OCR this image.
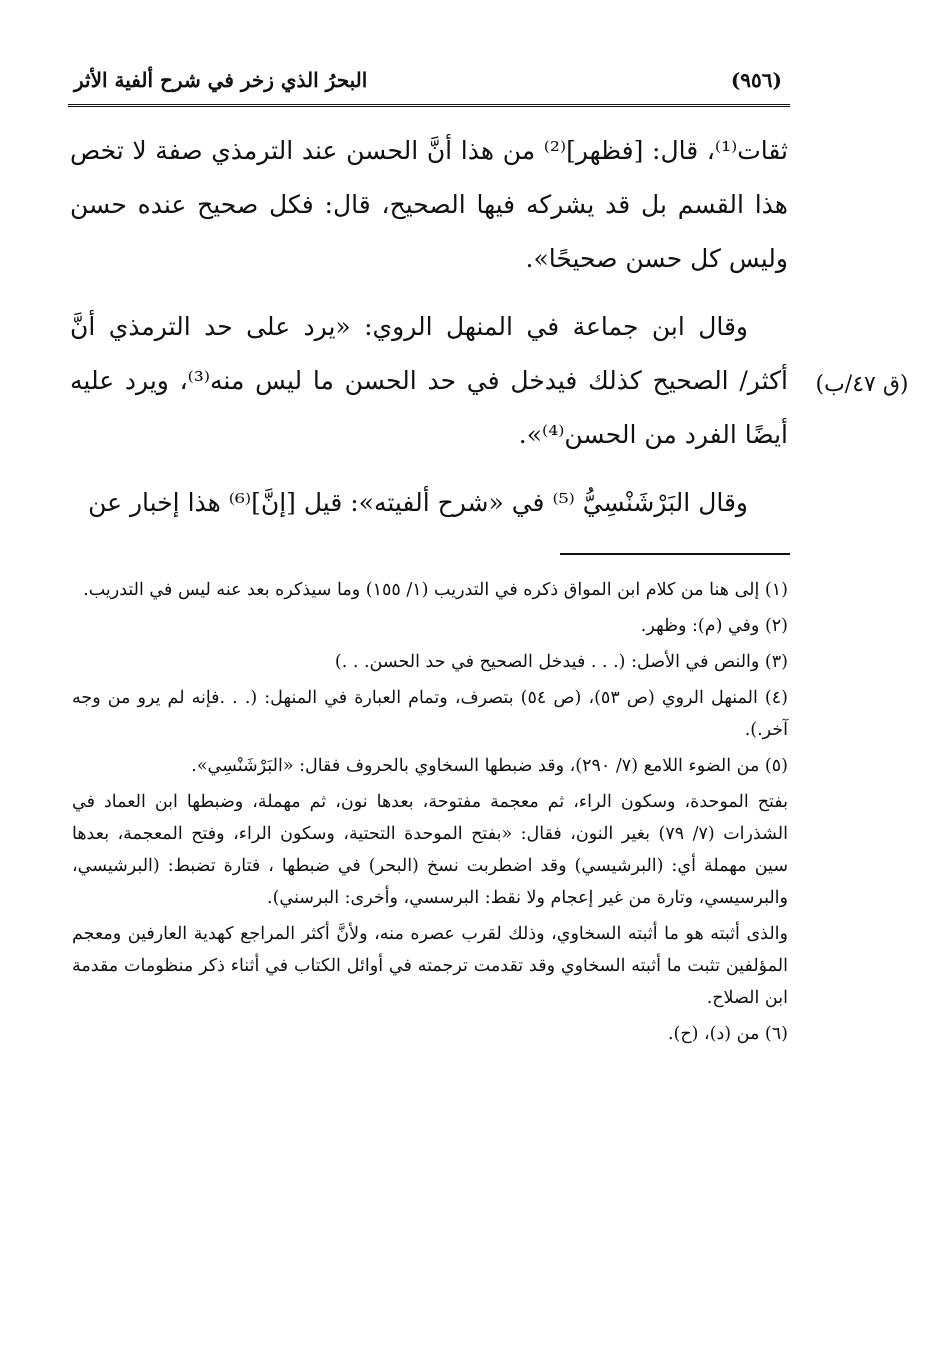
(٩٥٦)
البحرُ الذي زخر في شرح ألفية الأثر

ثقات⁽¹⁾، قال: [فظهر]⁽²⁾ من هذا أنَّ الحسن عند الترمذي صفة لا تخص هذا القسم بل قد يشركه فيها الصحيح، قال: فكل صحيح عنده حسن وليس كل حسن صحيحًا».

وقال ابن جماعة في المنهل الروي: «يرد على حد الترمذي أنَّ أكثر/ الصحيح كذلك فيدخل في حد الحسن ما ليس منه⁽³⁾، ويرد عليه أيضًا الفرد من الحسن⁽⁴⁾».

وقال البَرْشَنْسِيُّ ⁽⁵⁾ في «شرح ألفيته»: قيل [إنَّ]⁽⁶⁾ هذا إخبار عن

(ق ٤٧/ب)

(١) إلى هنا من كلام ابن المواق ذكره في التدريب (١/ ١٥٥) وما سيذكره بعد عنه ليس في التدريب.

(٢) وفي (م): وظهر.

(٣) والنص في الأصل: (. . . فيدخل الصحيح في حد الحسن. . .)

(٤) المنهل الروي (ص ٥٣)، (ص ٥٤) بتصرف، وتمام العبارة في المنهل: (. . .فإنه لم يرو من وجه آخر.).

(٥) من الضوء اللامع (٧/ ٢٩٠)، وقد ضبطها السخاوي بالحروف فقال: «البَرْشَنْسِي».

بفتح الموحدة، وسكون الراء، ثم معجمة مفتوحة، بعدها نون، ثم مهملة، وضبطها ابن العماد في الشذرات (٧/ ٧٩) بغير النون، فقال: «بفتح الموحدة التحتية، وسكون الراء، وفتح المعجمة، بعدها سين مهملة أي: (البرشيسي) وقد اضطربت نسخ (البحر) في ضبطها ، فتارة تضبط: (البرشيسي، والبرسيسي، وتارة من غير إعجام ولا نقط: البرسسي، وأخرى: البرسني).

والذى أثبته هو ما أثبته السخاوي، وذلك لقرب عصره منه، ولأنَّ أكثر المراجع كهدية العارفين ومعجم المؤلفين تثبت ما أثبته السخاوي وقد تقدمت ترجمته في أوائل الكتاب في أثناء ذكر منظومات مقدمة ابن الصلاح.

(٦) من (د)، (ح).
